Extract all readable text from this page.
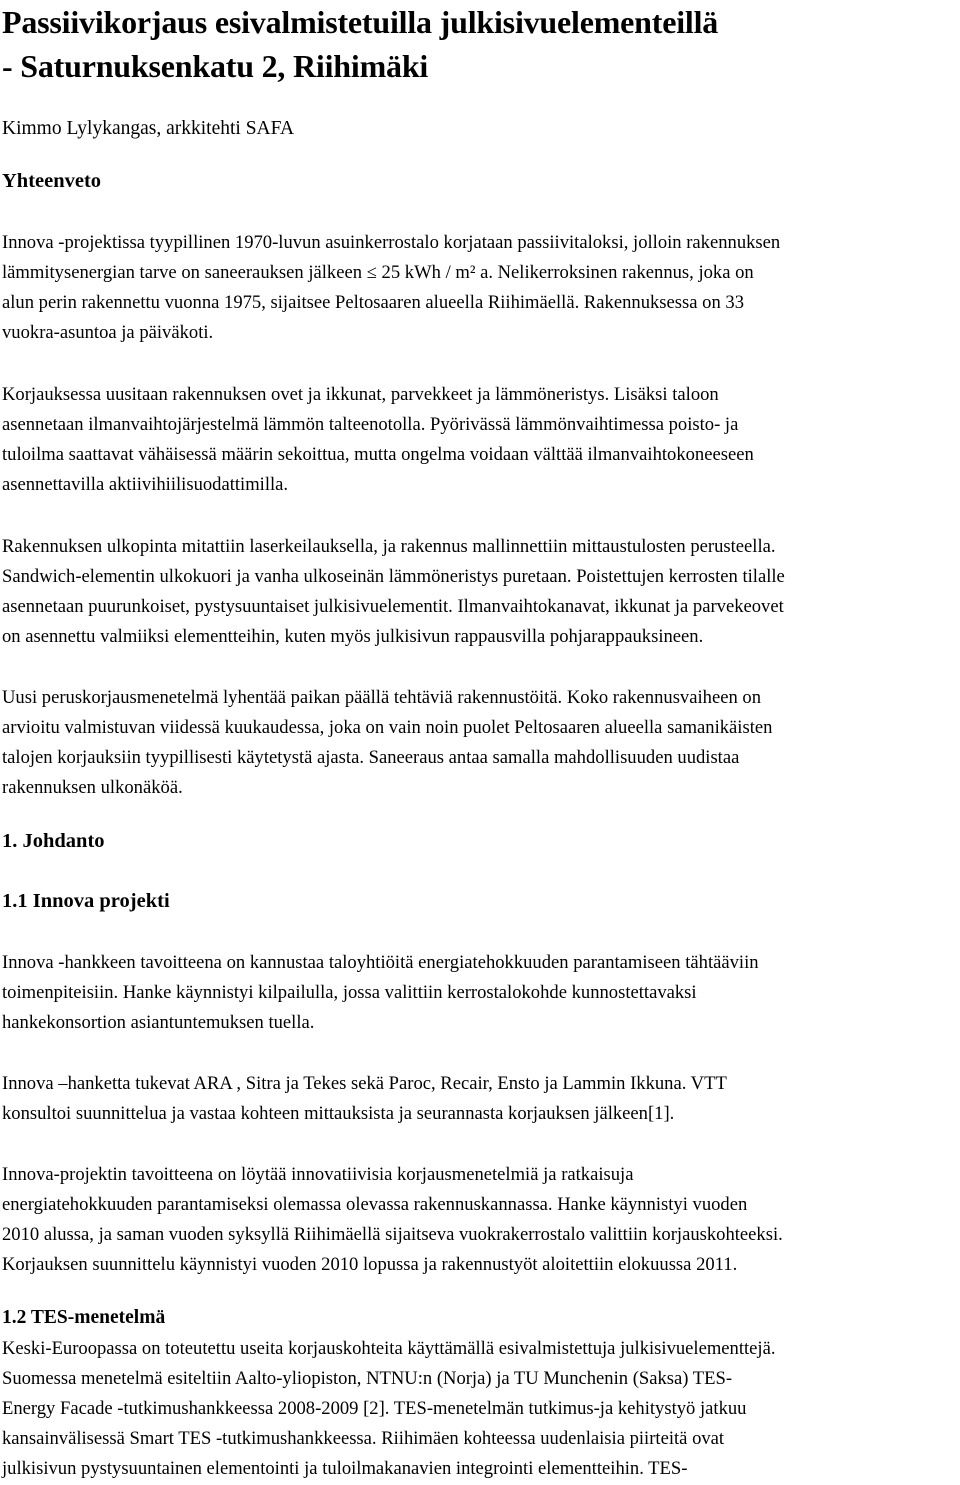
Passiivikorjaus esivalmistetuilla julkisivuelementeillä
- Saturnuksenkatu 2, Riihimäki
Kimmo Lylykangas, arkkitehti SAFA
Yhteenveto
Innova -projektissa tyypillinen 1970-luvun asuinkerrostalo korjataan passiivitaloksi, jolloin rakennuksen
lämmitysenergian tarve on saneerauksen jälkeen ≤ 25 kWh / m² a. Nelikerroksinen rakennus, joka on
alun perin rakennettu vuonna 1975, sijaitsee Peltosaaren alueella Riihimäellä. Rakennuksessa on 33
vuokra-asuntoa ja päiväkoti.
Korjauksessa uusitaan rakennuksen ovet ja ikkunat, parvekkeet ja lämmöneristys. Lisäksi taloon
asennetaan ilmanvaihtojärjestelmä lämmön talteenotolla. Pyörivässä lämmönvaihtimessa poisto- ja
tuloilma saattavat vähäisessä määrin sekoittua, mutta ongelma voidaan välttää ilmanvaihtokoneeseen
asennettavilla aktiivihiilisuodattimilla.
Rakennuksen ulkopinta mitattiin laserkeilauksella, ja rakennus mallinnettiin mittaustulosten perusteella.
Sandwich-elementin ulkokuori ja vanha ulkoseinän lämmöneristys puretaan. Poistettujen kerrosten tilalle
asennetaan puurunkoiset, pystysuuntaiset julkisivuelementit. Ilmanvaihtokanavat, ikkunat ja parvekeovet
on asennettu valmiiksi elementteihin, kuten myös julkisivun rappausvilla pohjarappauksineen.
Uusi peruskorjausmenetelmä lyhentää paikan päällä tehtäviä rakennustöitä. Koko rakennusvaiheen on
arvioitu valmistuvan viidessä kuukaudessa, joka on vain noin puolet Peltosaaren alueella samanikäisten
talojen korjauksiin tyypillisesti käytetystä ajasta. Saneeraus antaa samalla mahdollisuuden uudistaa
rakennuksen ulkonäköä.
1. Johdanto
1.1 Innova projekti
Innova -hankkeen tavoitteena on kannustaa taloyhtiöitä energiatehokkuuden parantamiseen tähtääviin
toimenpiteisiin. Hanke käynnistyi kilpailulla, jossa valittiin kerrostalokohde kunnostettavaksi
hankekonsortion asiantuntemuksen tuella.
Innova –hanketta tukevat ARA , Sitra ja Tekes sekä Paroc, Recair, Ensto ja Lammin Ikkuna. VTT
konsultoi suunnittelua ja vastaa kohteen mittauksista ja seurannasta korjauksen jälkeen[1].
Innova-projektin tavoitteena on löytää innovatiivisia korjausmenetelmiä ja ratkaisuja
energiatehokkuuden parantamiseksi olemassa olevassa rakennuskannassa. Hanke käynnistyi vuoden
2010 alussa, ja saman vuoden syksyllä Riihimäellä sijaitseva vuokrakerrostalo valittiin korjauskohteeksi.
Korjauksen suunnittelu käynnistyi vuoden 2010 lopussa ja rakennustyöt aloitettiin elokuussa 2011.
1.2 TES-menetelmä
Keski-Euroopassa on toteutettu useita korjauskohteita käyttämällä esivalmistettuja julkisivuelementtejä.
Suomessa menetelmä esiteltiin Aalto-yliopiston, NTNU:n (Norja) ja TU Munchenin (Saksa) TES-
Energy Facade -tutkimushankkeessa 2008-2009 [2]. TES-menetelmän tutkimus-ja kehitystyö jatkuu
kansainvälisessä Smart TES -tutkimushankkeessa. Riihimäen kohteessa uudenlaisia piirteitä ovat
julkisivun pystysuuntainen elementointi ja tuloilmakanavien integrointi elementteihin. TES-
